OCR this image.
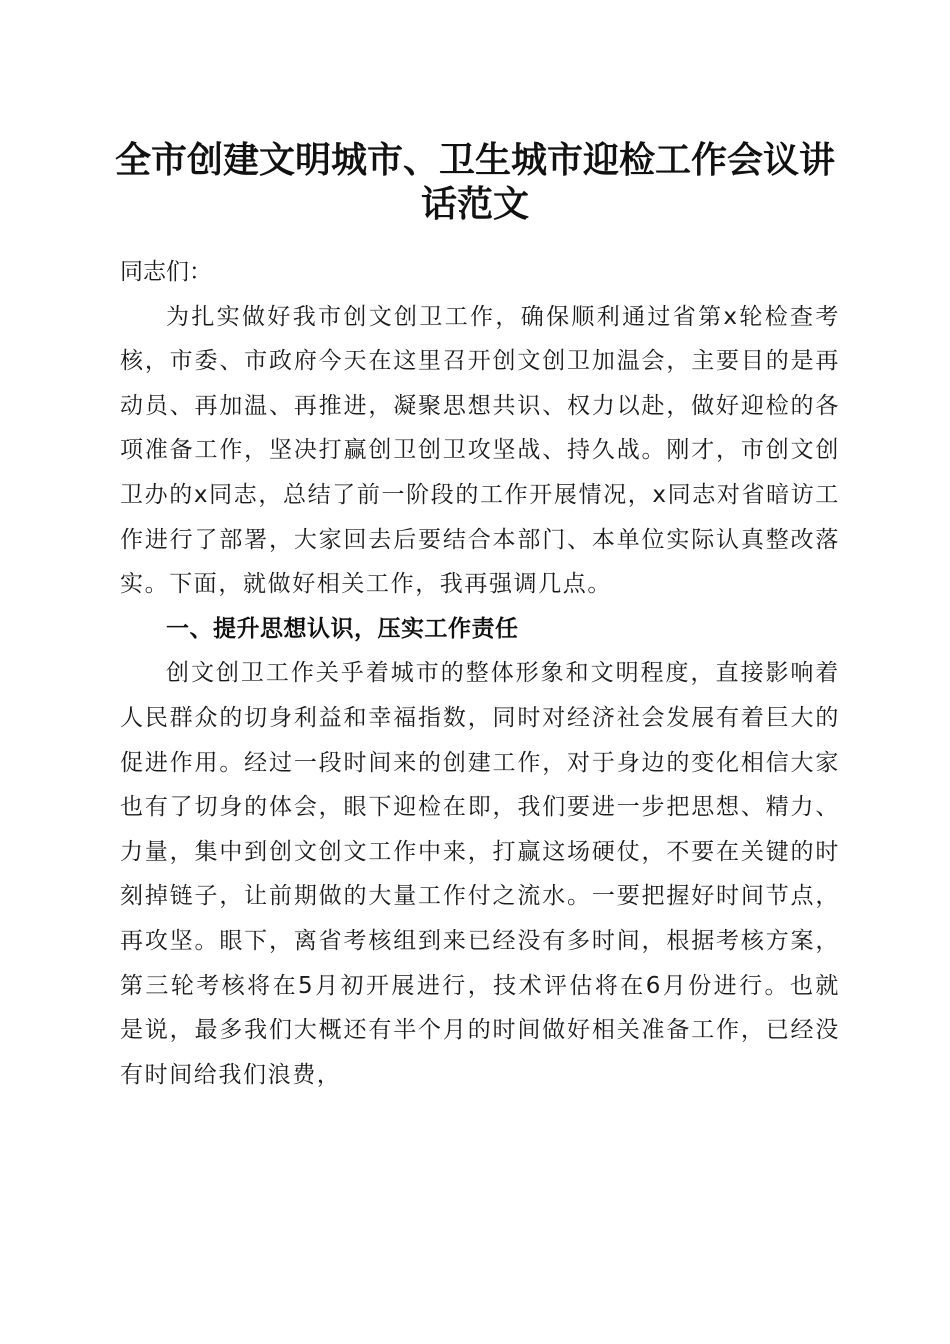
全市创建文明城市、卫生城市迎检工作会议讲
话范文

同志们：

为扎实做好我市创文创卫工作，确保顺利通过省第x轮检查考核，市委、市政府今天在这里召开创文创卫加温会，主要目的是再动员、再加温、再推进，凝聚思想共识、权力以赴，做好迎检的各项准备工作，坚决打赢创卫创卫攻坚战、持久战。刚才，市创文创卫办的x同志，总结了前一阶段的工作开展情况，x同志对省暗访工作进行了部署，大家回去后要结合本部门、本单位实际认真整改落实。下面，就做好相关工作，我再强调几点。

一、提升思想认识，压实工作责任

创文创卫工作关乎着城市的整体形象和文明程度，直接影响着人民群众的切身利益和幸福指数，同时对经济社会发展有着巨大的促进作用。经过一段时间来的创建工作，对于身边的变化相信大家也有了切身的体会，眼下迎检在即，我们要进一步把思想、精力、力量，集中到创文创文工作中来，打赢这场硬仗，不要在关键的时刻掉链子，让前期做的大量工作付之流水。一要把握好时间节点，再攻坚。眼下，离省考核组到来已经没有多时间，根据考核方案，第三轮考核将在5月初开展进行，技术评估将在6月份进行。也就是说，最多我们大概还有半个月的时间做好相关准备工作，已经没有时间给我们浪费，
